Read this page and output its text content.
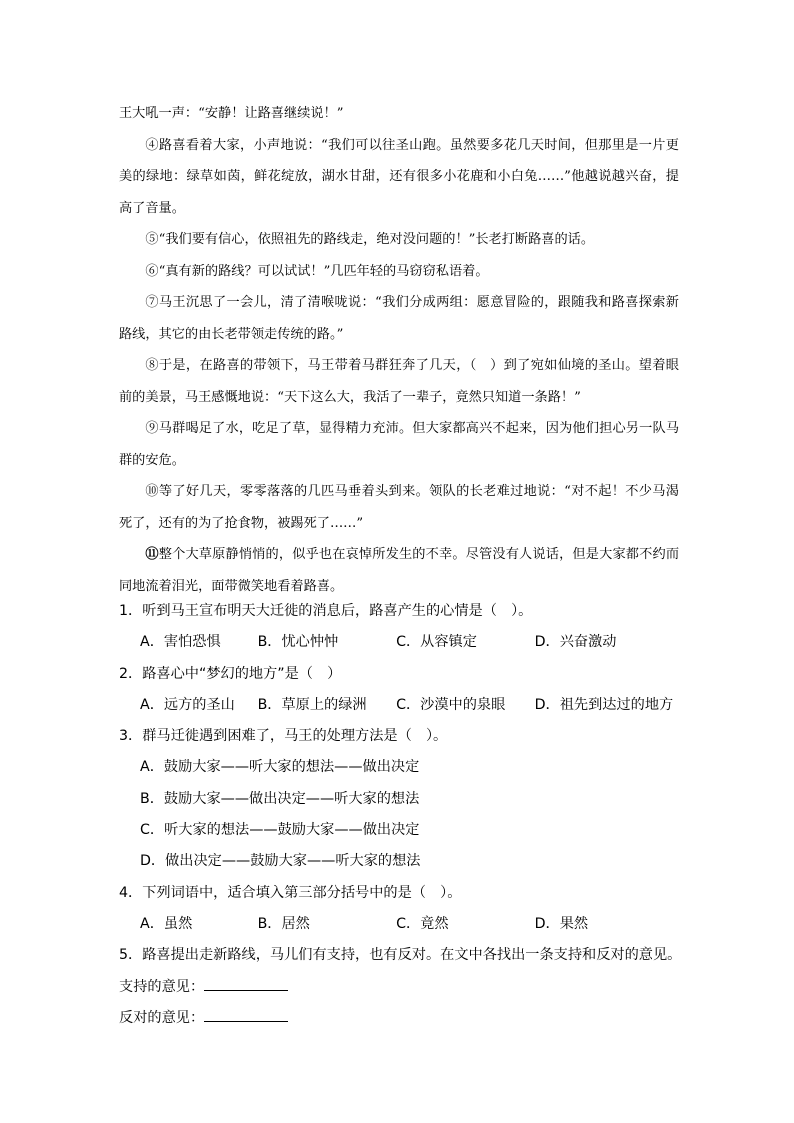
王大吼一声：“安静！让路喜继续说！”

④路喜看着大家，小声地说：“我们可以往圣山跑。虽然要多花几天时间，但那里是一片更美的绿地：绿草如茵，鲜花绽放，湖水甘甜，还有很多小花鹿和小白兔……”他越说越兴奋，提高了音量。

⑤“我们要有信心，依照祖先的路线走，绝对没问题的！”长老打断路喜的话。

⑥“真有新的路线？可以试试！”几匹年轻的马窃窃私语着。

⑦马王沉思了一会儿，清了清喉咙说：“我们分成两组：愿意冒险的，跟随我和路喜探索新路线，其它的由长老带领走传统的路。”

⑧于是，在路喜的带领下，马王带着马群狂奔了几天，（　）到了宛如仙境的圣山。望着眼前的美景，马王感慨地说：“天下这么大，我活了一辈子，竟然只知道一条路！”

⑨马群喝足了水，吃足了草，显得精力充沛。但大家都高兴不起来，因为他们担心另一队马群的安危。

⑩等了好几天，零零落落的几匹马垂着头到来。领队的长老难过地说：“对不起！不少马渴死了，还有的为了抢食物，被踢死了……”

⑪整个大草原静悄悄的，似乎也在哀悼所发生的不幸。尽管没有人说话，但是大家都不约而同地流着泪光，面带微笑地看着路喜。

1．听到马王宣布明天大迁徙的消息后，路喜产生的心情是（　）。

A．害怕恐惧	B．忧心忡忡	C．从容镇定	D．兴奋激动

2．路喜心中“梦幻的地方”是（　）

A．远方的圣山	B．草原上的绿洲	C．沙漠中的泉眼	D．祖先到达过的地方

3．群马迁徙遇到困难了，马王的处理方法是（　）。

A．鼓励大家——听大家的想法——做出决定
B．鼓励大家——做出决定——听大家的想法
C．听大家的想法——鼓励大家——做出决定
D．做出决定——鼓励大家——听大家的想法

4．下列词语中，适合填入第三部分括号中的是（　）。

A．虽然	B．居然	C．竟然	D．果然

5．路喜提出走新路线，马儿们有支持，也有反对。在文中各找出一条支持和反对的意见。

支持的意见：

反对的意见：
